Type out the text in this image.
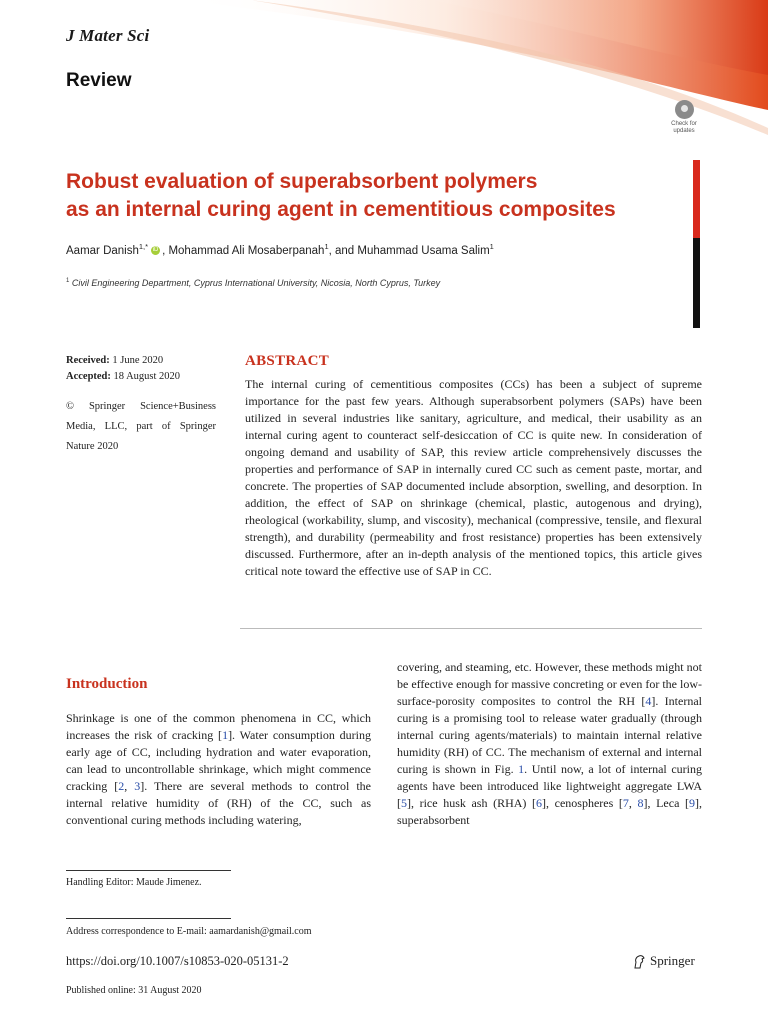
J Mater Sci
Review
Check for
updates
Robust evaluation of superabsorbent polymers
as an internal curing agent in cementitious composites
Aamar Danish$^{1,*}$ iD , Mohammad Ali Mosaberpanah$^1$, and Muhammad Usama Salim$^1$
$^1$ Civil Engineering Department, Cyprus International University, Nicosia, North Cyprus, Turkey
Received: 1 June 2020
Accepted: 18 August 2020
© Springer Science+Business Media, LLC, part of Springer Nature 2020
ABSTRACT
The internal curing of cementitious composites (CCs) has been a subject of supreme importance for the past few years. Although superabsorbent polymers (SAPs) have been utilized in several industries like sanitary, agriculture, and medical, their usability as an internal curing agent to counteract self-desiccation of CC is quite new. In consideration of ongoing demand and usability of SAP, this review article comprehensively discusses the properties and performance of SAP in internally cured CC such as cement paste, mortar, and concrete. The properties of SAP documented include absorption, swelling, and desorption. In addition, the effect of SAP on shrinkage (chemical, plastic, autogenous and drying), rheological (workability, slump, and viscosity), mechanical (compressive, tensile, and flexural strength), and durability (permeability and frost resistance) properties has been extensively discussed. Furthermore, after an in-depth analysis of the mentioned topics, this article gives critical note toward the effective use of SAP in CC.
Introduction
Shrinkage is one of the common phenomena in CC, which increases the risk of cracking [1]. Water consumption during early age of CC, including hydration and water evaporation, can lead to uncontrollable shrinkage, which might commence cracking [2, 3]. There are several methods to control the internal relative humidity of (RH) of the CC, such as conventional curing methods including watering,
covering, and steaming, etc. However, these methods might not be effective enough for massive concreting or even for the low-surface-porosity composites to control the RH [4]. Internal curing is a promising tool to release water gradually (through internal curing agents/materials) to maintain internal relative humidity (RH) of CC. The mechanism of external and internal curing is shown in Fig. 1. Until now, a lot of internal curing agents have been introduced like lightweight aggregate LWA [5], rice husk ash (RHA) [6], cenospheres [7, 8], Leca [9], superabsorbent
Handling Editor: Maude Jimenez.
Address correspondence to E-mail: aamardanish@gmail.com
https://doi.org/10.1007/s10853-020-05131-2
Published online: 31 August 2020
Springer
